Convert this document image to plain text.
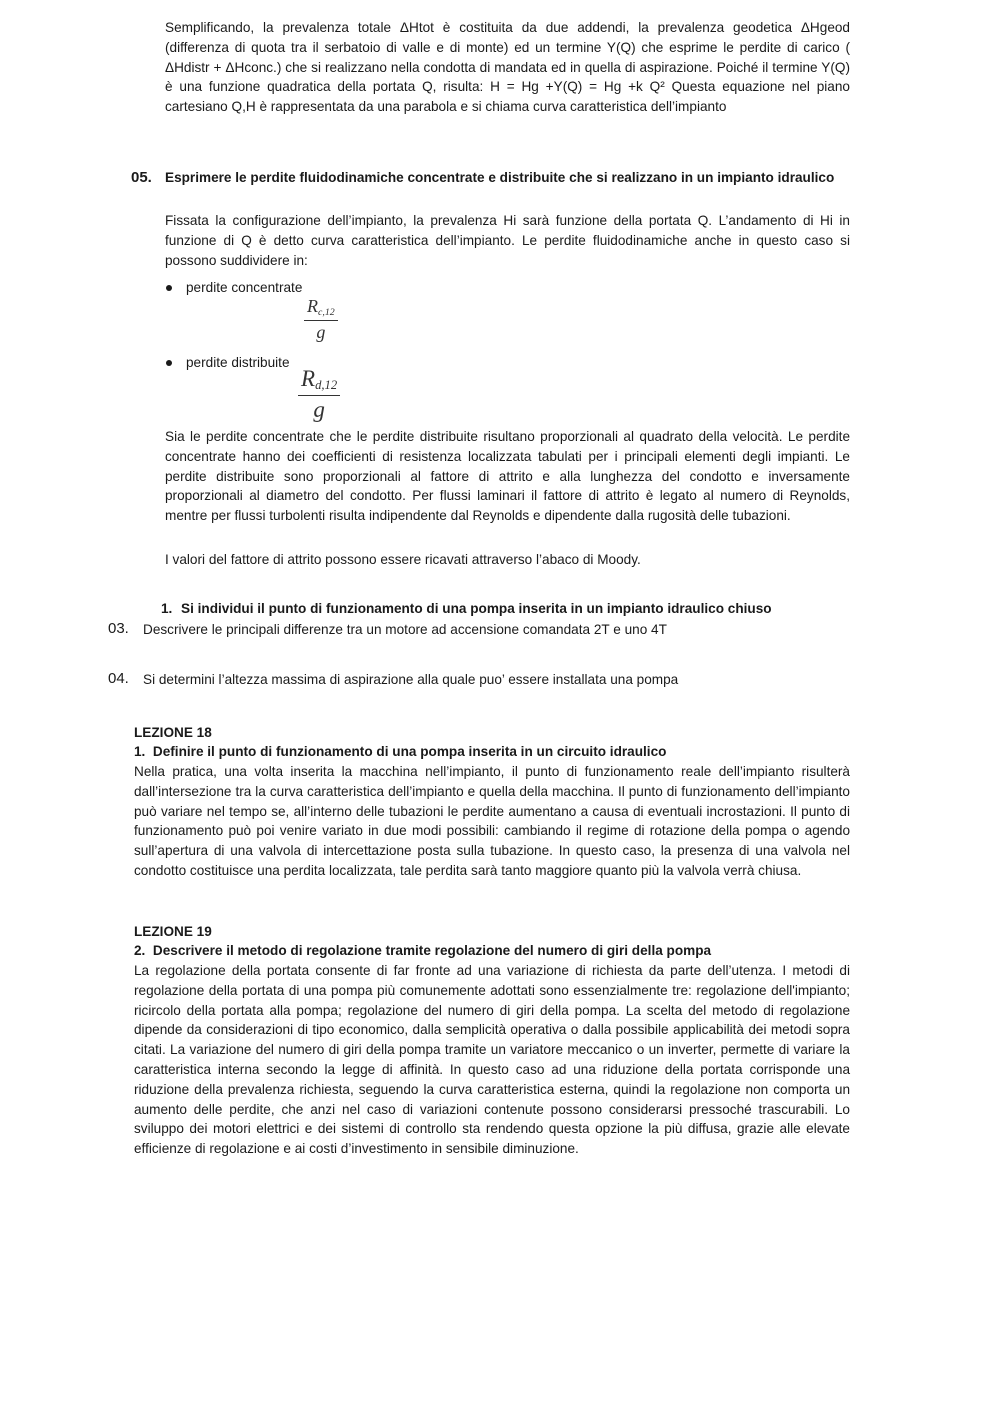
Semplificando, la prevalenza totale ΔHtot è costituita da due addendi, la prevalenza geodetica ΔHgeod (differenza di quota tra il serbatoio di valle e di monte) ed un termine Y(Q) che esprime le perdite di carico ( ΔHdistr + ΔHconc.) che si realizzano nella condotta di mandata ed in quella di aspirazione. Poiché il termine Y(Q) è una funzione quadratica della portata Q, risulta: H = Hg +Y(Q) = Hg +k Q² Questa equazione nel piano cartesiano Q,H è rappresentata da una parabola e si chiama curva caratteristica dell’impianto

05. Esprimere le perdite fluidodinamiche concentrate e distribuite che si realizzano in un impianto idraulico

Fissata la configurazione dell’impianto, la prevalenza Hi sarà funzione della portata Q. L’andamento di Hi in funzione di Q è detto curva caratteristica dell’impianto. Le perdite fluidodinamiche anche in questo caso si possono suddividere in:

perdite concentrate
$\frac{R_{c,12}}{g}$
perdite distribuite
$\frac{R_{d,12}}{g}$

Sia le perdite concentrate che le perdite distribuite risultano proporzionali al quadrato della velocità. Le perdite concentrate hanno dei coefficienti di resistenza localizzata tabulati per i principali elementi degli impianti. Le perdite distribuite sono proporzionali al fattore di attrito e alla lunghezza del condotto e inversamente proporzionali al diametro del condotto. Per flussi laminari il fattore di attrito è legato al numero di Reynolds, mentre per flussi turbolenti risulta indipendente dal Reynolds e dipendente dalla rugosità delle tubazioni.

I valori del fattore di attrito possono essere ricavati attraverso l’abaco di Moody.

1. Si individui il punto di funzionamento di una pompa inserita in un impianto idraulico chiuso
03. Descrivere le principali differenze tra un motore ad accensione comandata 2T e uno 4T
04. Si determini l’altezza massima di aspirazione alla quale puo’ essere installata una pompa
LEZIONE 18
1.  Definire il punto di funzionamento di una pompa inserita in un circuito idraulico

Nella pratica, una volta inserita la macchina nell’impianto, il punto di funzionamento reale dell’impianto risulterà dall’intersezione tra la curva caratteristica dell’impianto e quella della macchina. Il punto di funzionamento dell’impianto può variare nel tempo se, all’interno delle tubazioni le perdite aumentano a causa di eventuali incrostazioni. Il punto di funzionamento può poi venire variato in due modi possibili: cambiando il regime di rotazione della pompa o agendo sull’apertura di una valvola di intercettazione posta sulla tubazione. In questo caso, la presenza di una valvola nel condotto costituisce una perdita localizzata, tale perdita sarà tanto maggiore quanto più la valvola verrà chiusa.

LEZIONE 19
2.  Descrivere il metodo di regolazione tramite regolazione del numero di giri della pompa

La regolazione della portata consente di far fronte ad una variazione di richiesta da parte dell’utenza. I metodi di regolazione della portata di una pompa più comunemente adottati sono essenzialmente tre: regolazione dell'impianto; ricircolo della portata alla pompa; regolazione del numero di giri della pompa. La scelta del metodo di regolazione dipende da considerazioni di tipo economico, dalla semplicità operativa o dalla possibile applicabilità dei metodi sopra citati. La variazione del numero di giri della pompa tramite un variatore meccanico o un inverter, permette di variare la caratteristica interna secondo la legge di affinità. In questo caso ad una riduzione della portata corrisponde una riduzione della prevalenza richiesta, seguendo la curva caratteristica esterna, quindi la regolazione non comporta un aumento delle perdite, che anzi nel caso di variazioni contenute possono considerarsi pressoché trascurabili. Lo sviluppo dei motori elettrici e dei sistemi di controllo sta rendendo questa opzione la più diffusa, grazie alle elevate efficienze di regolazione e ai costi d’investimento in sensibile diminuzione.
